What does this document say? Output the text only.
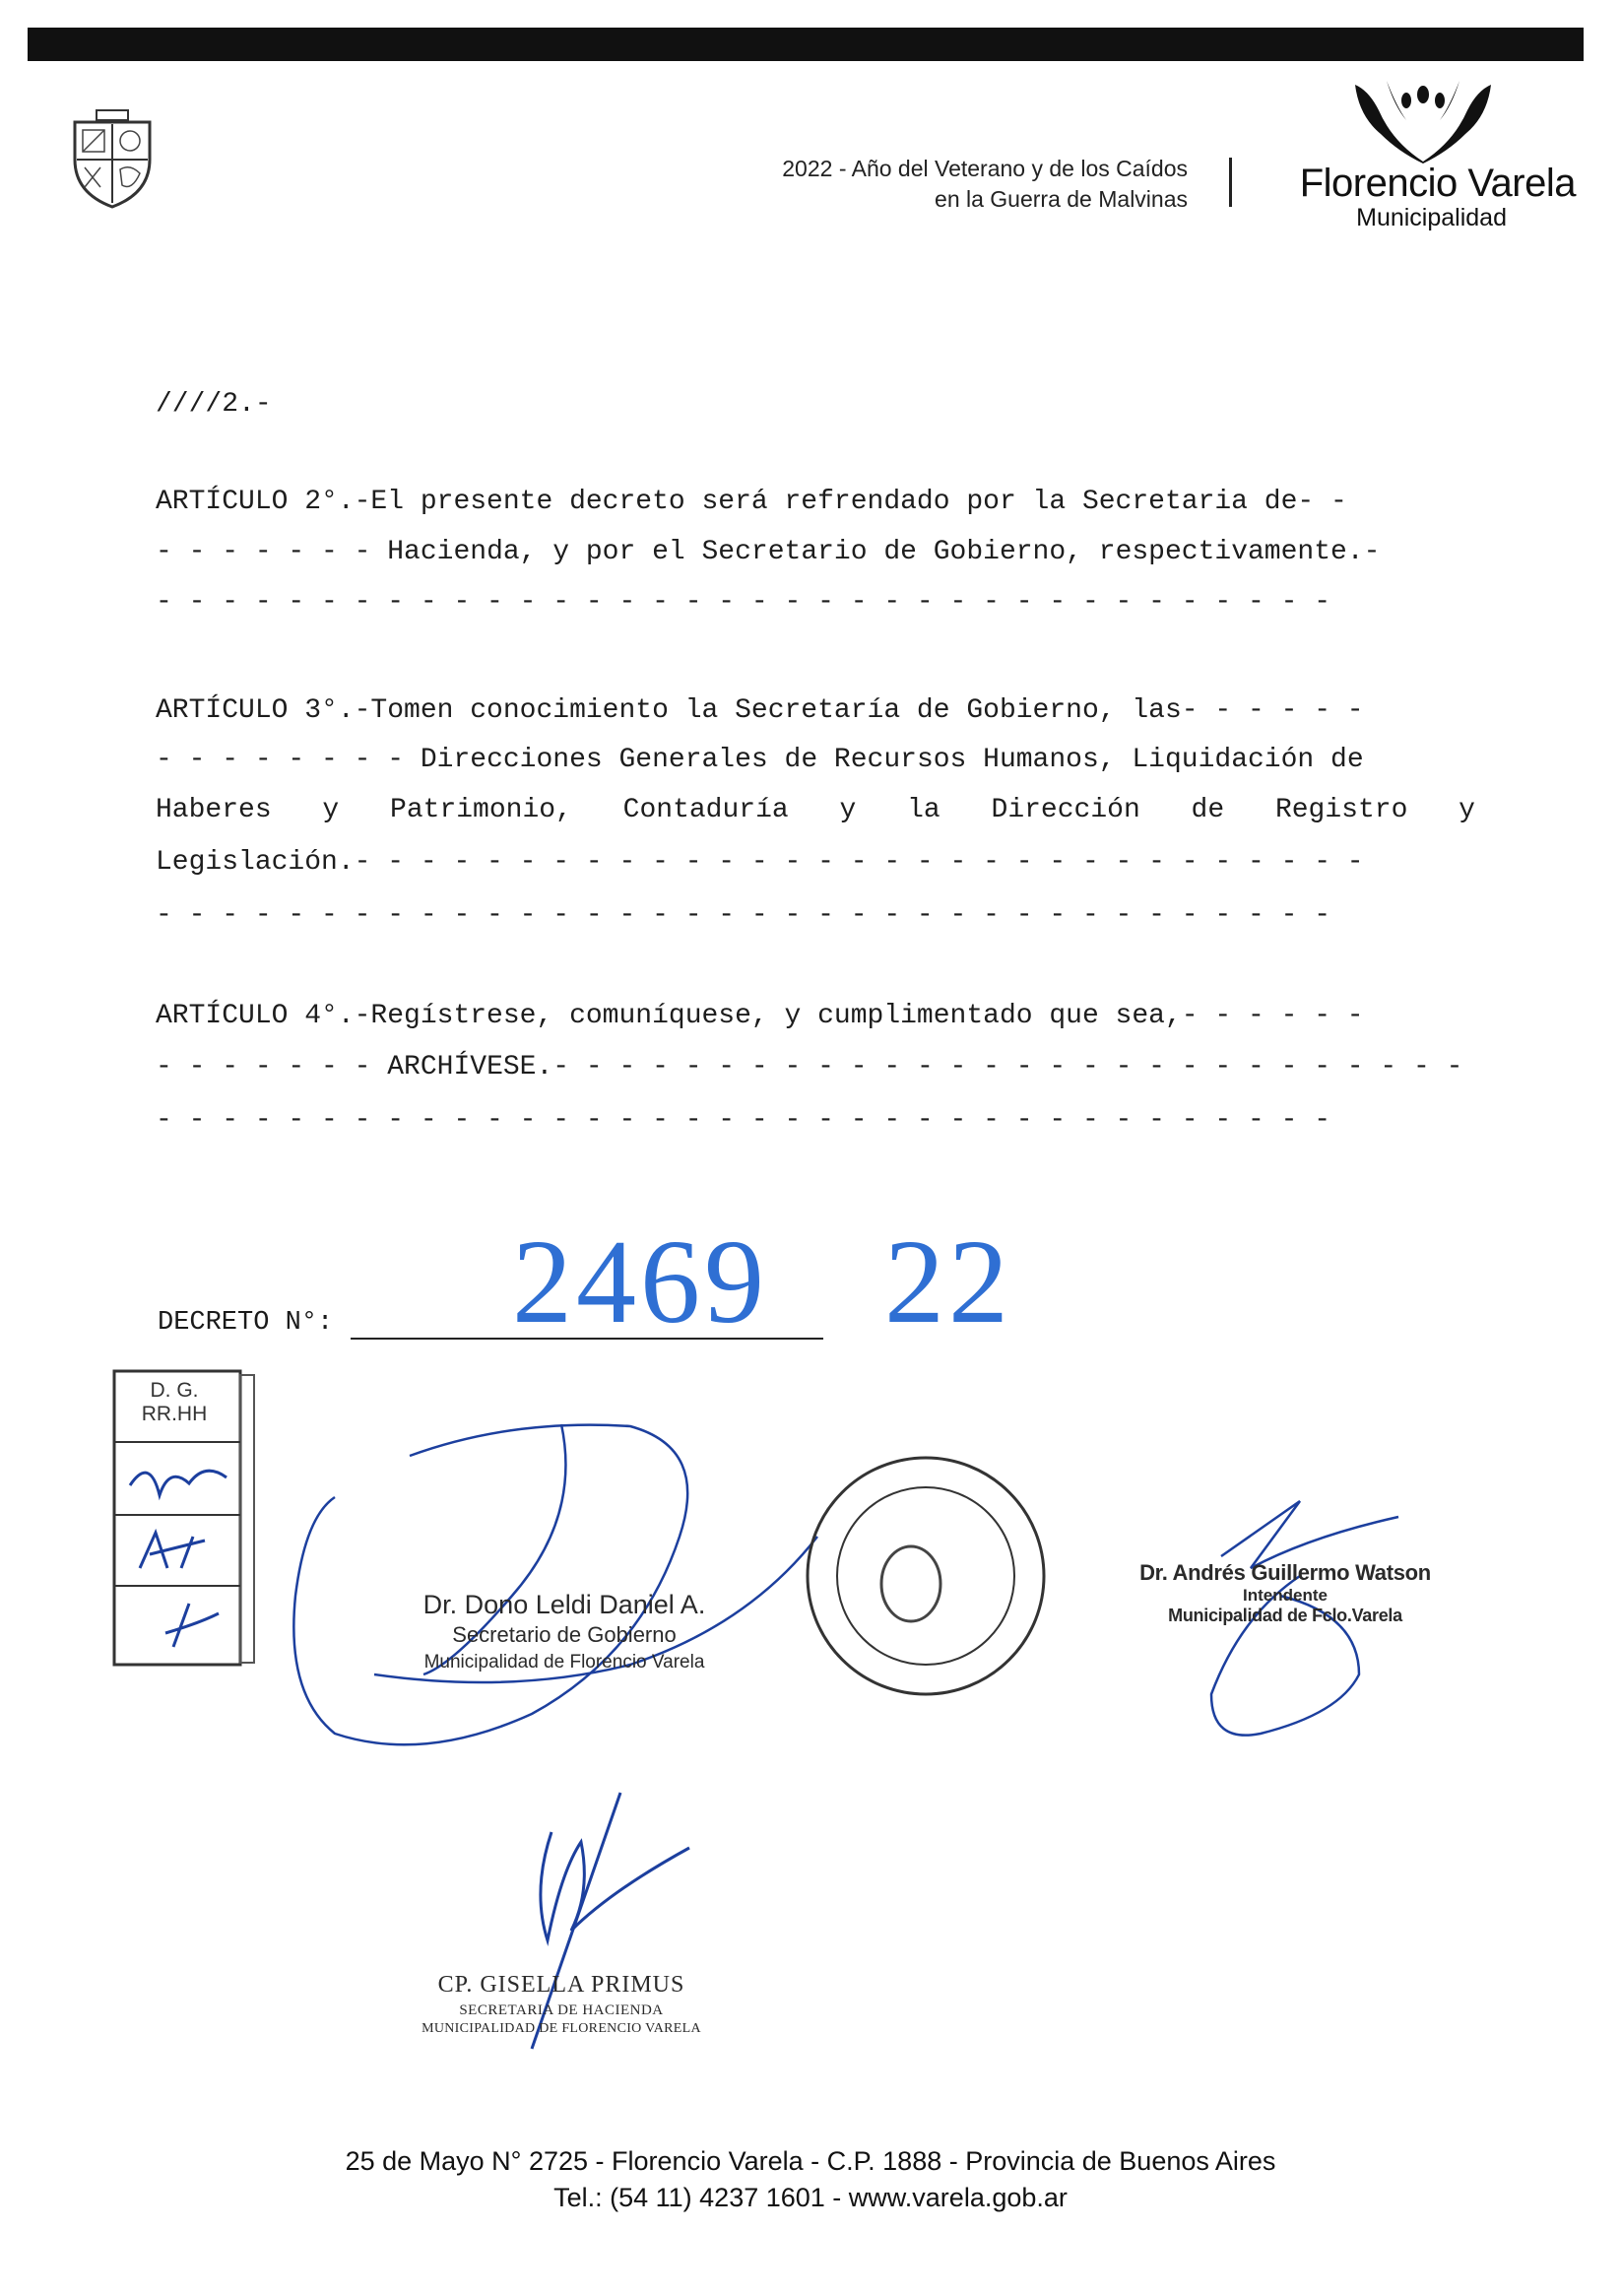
2022 - Año del Veterano y de los Caídos
en la Guerra de Malvinas	Florencio Varela
Municipalidad
////2.-
ARTÍCULO 2°.-El presente decreto será refrendado por la Secretaria de- -
- - - - - - - Hacienda, y por el Secretario de Gobierno, respectivamente.-
- - - - - - - - - - - - - - - - - - - - - - - - - - - - - - - - - - - -
ARTÍCULO 3°.-Tomen conocimiento la Secretaría de Gobierno, las- - - - - -
- - - - - - - - Direcciones Generales de Recursos Humanos, Liquidación de
Haberes y Patrimonio, Contaduría y la Dirección de Registro y
Legislación.- - - - - - - - - - - - - - - - - - - - - - - - - - - - - - -
- - - - - - - - - - - - - - - - - - - - - - - - - - - - - - - - - - - -
ARTÍCULO 4°.-Regístrese, comuníquese, y cumplimentado que sea,- - - - - -
- - - - - - - ARCHÍVESE.- - - - - - - - - - - - - - - - - - - - - - - - - - - -
- - - - - - - - - - - - - - - - - - - - - - - - - - - - - - - - - - - -
DECRETO N°: 2469 22
D. G.
RR.HH
Dr. Dono Leldi Daniel A.
Secretario de Gobierno
Municipalidad de Florencio Varela
Dr. Andrés Guillermo Watson
Intendente
Municipalidad de Fclo.Varela
CP. GISELLA PRIMUS
SECRETARIA DE HACIENDA
MUNICIPALIDAD DE FLORENCIO VARELA
25 de Mayo N° 2725 - Florencio Varela - C.P. 1888 - Provincia de Buenos Aires
Tel.: (54 11) 4237 1601 - www.varela.gob.ar
